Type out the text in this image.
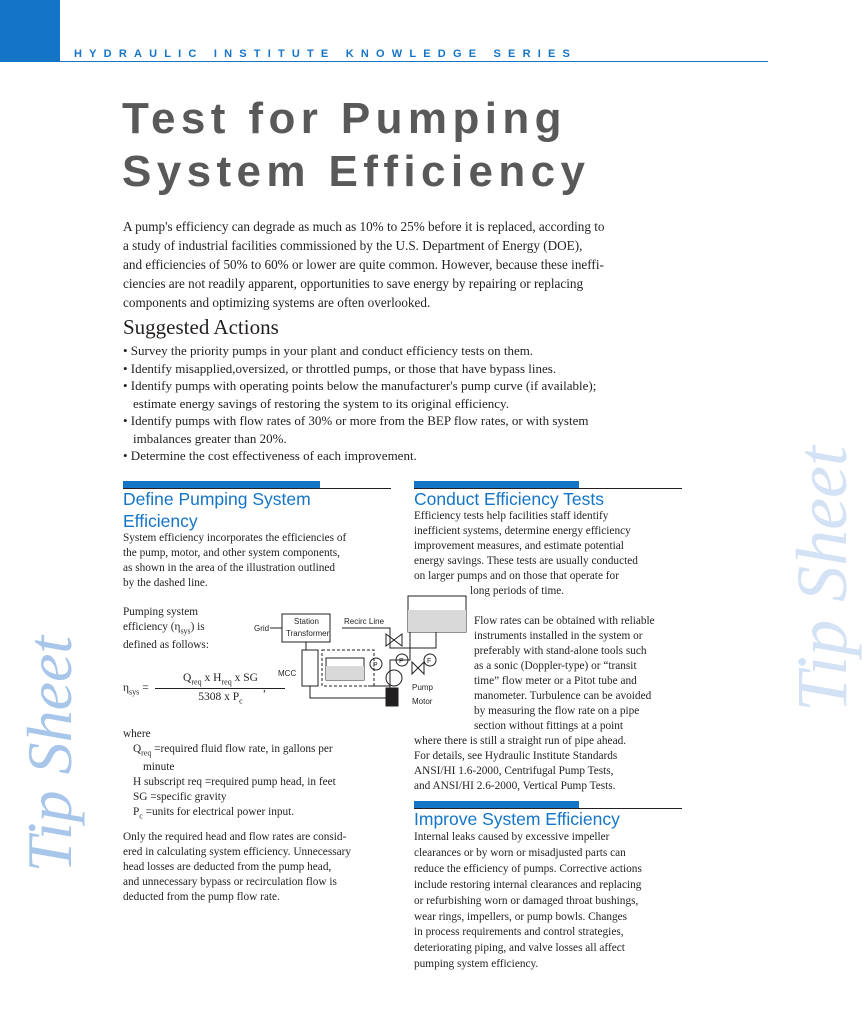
HYDRAULIC INSTITUTE KNOWLEDGE SERIES
Test for Pumping
System Efficiency

A pump's efficiency can degrade as much as 10% to 25% before it is replaced, according to
a study of industrial facilities commissioned by the U.S. Department of Energy (DOE),
and efficiencies of 50% to 60% or lower are quite common. However, because these ineffi-
ciencies are not readily apparent, opportunities to save energy by repairing or replacing
components and optimizing systems are often overlooked.

Suggested Actions
• Survey the priority pumps in your plant and conduct efficiency tests on them.
• Identify misapplied,oversized, or throttled pumps, or those that have bypass lines.
• Identify pumps with operating points below the manufacturer's pump curve (if available);
estimate energy savings of restoring the system to its original efficiency.
• Identify pumps with flow rates of 30% or more from the BEP flow rates, or with system
imbalances greater than 20%.
• Determine the cost effectiveness of each improvement.
Define Pumping System
Efficiency

System efficiency incorporates the efficiencies of
the pump, motor, and other system components,
as shown in the area of the illustration outlined
by the dashed line.

Pumping system
efficiency $(\eta_{sys})$ is
defined as follows:

$\eta_{sys}$ =
$Q_{req}$ x $H_{req}$ x SG
5308 x $P_c$
,
where
$Q_{req}$ =required fluid flow rate, in gallons per
minute
H subscript req =required pump head, in feet
SG =specific gravity
$P_c$ =units for electrical power input.

Only the required head and flow rates are consid-
ered in calculating system efficiency. Unnecessary
head losses are deducted from the pump head,
and unnecessary bypass or recirculation flow is
deducted from the pump flow rate.

Grid
Station
Transformer
Recirc Line
MCC
P
P	F
Pump
Motor
Conduct Efficiency Tests

Efficiency tests help facilities staff identify
inefficient systems, determine energy efficiency
improvement measures, and estimate potential
energy savings. These tests are usually conducted
on larger pumps and on those that operate for
long periods of time.

Flow rates can be obtained with reliable
instruments installed in the system or
preferably with stand-alone tools such
as a sonic (Doppler-type) or “transit
time” flow meter or a Pitot tube and
manometer. Turbulence can be avoided
by measuring the flow rate on a pipe
section without fittings at a point
where there is still a straight run of pipe ahead.
For details, see Hydraulic Institute Standards
ANSI/HI 1.6-2000, Centrifugal Pump Tests,
and ANSI/HI 2.6-2000, Vertical Pump Tests.

Improve System Efficiency

Internal leaks caused by excessive impeller
clearances or by worn or misadjusted parts can
reduce the efficiency of pumps. Corrective actions
include restoring internal clearances and replacing
or refurbishing worn or damaged throat bushings,
wear rings, impellers, or pump bowls. Changes
in process requirements and control strategies,
deteriorating piping, and valve losses all affect
pumping system efficiency.

Tip Sheet
Tip Sheet
